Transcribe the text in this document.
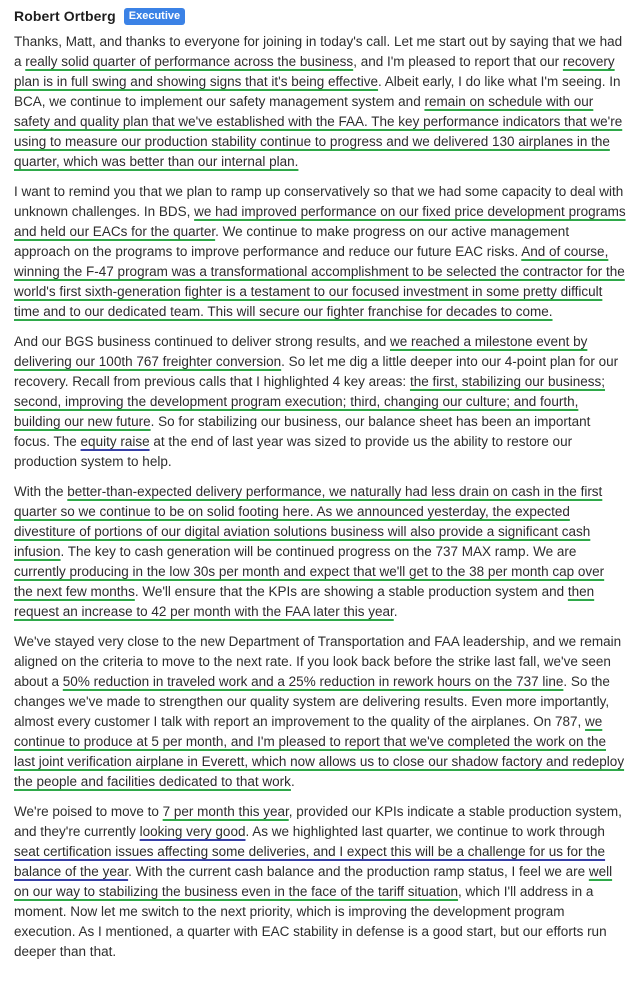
Robert Ortberg	Executive

Thanks, Matt, and thanks to everyone for joining in today's call. Let me start out by saying that we had a really solid quarter of performance across the business, and I'm pleased to report that our recovery plan is in full swing and showing signs that it's being effective. Albeit early, I do like what I'm seeing. In BCA, we continue to implement our safety management system and remain on schedule with our safety and quality plan that we've established with the FAA. The key performance indicators that we're using to measure our production stability continue to progress and we delivered 130 airplanes in the quarter, which was better than our internal plan.

I want to remind you that we plan to ramp up conservatively so that we had some capacity to deal with unknown challenges. In BDS, we had improved performance on our fixed price development programs and held our EACs for the quarter. We continue to make progress on our active management approach on the programs to improve performance and reduce our future EAC risks. And of course, winning the F-47 program was a transformational accomplishment to be selected the contractor for the world's first sixth-generation fighter is a testament to our focused investment in some pretty difficult time and to our dedicated team. This will secure our fighter franchise for decades to come.

And our BGS business continued to deliver strong results, and we reached a milestone event by delivering our 100th 767 freighter conversion. So let me dig a little deeper into our 4-point plan for our recovery. Recall from previous calls that I highlighted 4 key areas: the first, stabilizing our business; second, improving the development program execution; third, changing our culture; and fourth, building our new future. So for stabilizing our business, our balance sheet has been an important focus. The equity raise at the end of last year was sized to provide us the ability to restore our production system to help.

With the better-than-expected delivery performance, we naturally had less drain on cash in the first quarter so we continue to be on solid footing here. As we announced yesterday, the expected divestiture of portions of our digital aviation solutions business will also provide a significant cash infusion. The key to cash generation will be continued progress on the 737 MAX ramp. We are currently producing in the low 30s per month and expect that we'll get to the 38 per month cap over the next few months. We'll ensure that the KPIs are showing a stable production system and then request an increase to 42 per month with the FAA later this year.

We've stayed very close to the new Department of Transportation and FAA leadership, and we remain aligned on the criteria to move to the next rate. If you look back before the strike last fall, we've seen about a 50% reduction in traveled work and a 25% reduction in rework hours on the 737 line. So the changes we've made to strengthen our quality system are delivering results. Even more importantly, almost every customer I talk with report an improvement to the quality of the airplanes. On 787, we continue to produce at 5 per month, and I'm pleased to report that we've completed the work on the last joint verification airplane in Everett, which now allows us to close our shadow factory and redeploy the people and facilities dedicated to that work.

We're poised to move to 7 per month this year, provided our KPIs indicate a stable production system, and they're currently looking very good. As we highlighted last quarter, we continue to work through seat certification issues affecting some deliveries, and I expect this will be a challenge for us for the balance of the year. With the current cash balance and the production ramp status, I feel we are well on our way to stabilizing the business even in the face of the tariff situation, which I'll address in a moment. Now let me switch to the next priority, which is improving the development program execution. As I mentioned, a quarter with EAC stability in defense is a good start, but our efforts run deeper than that.
